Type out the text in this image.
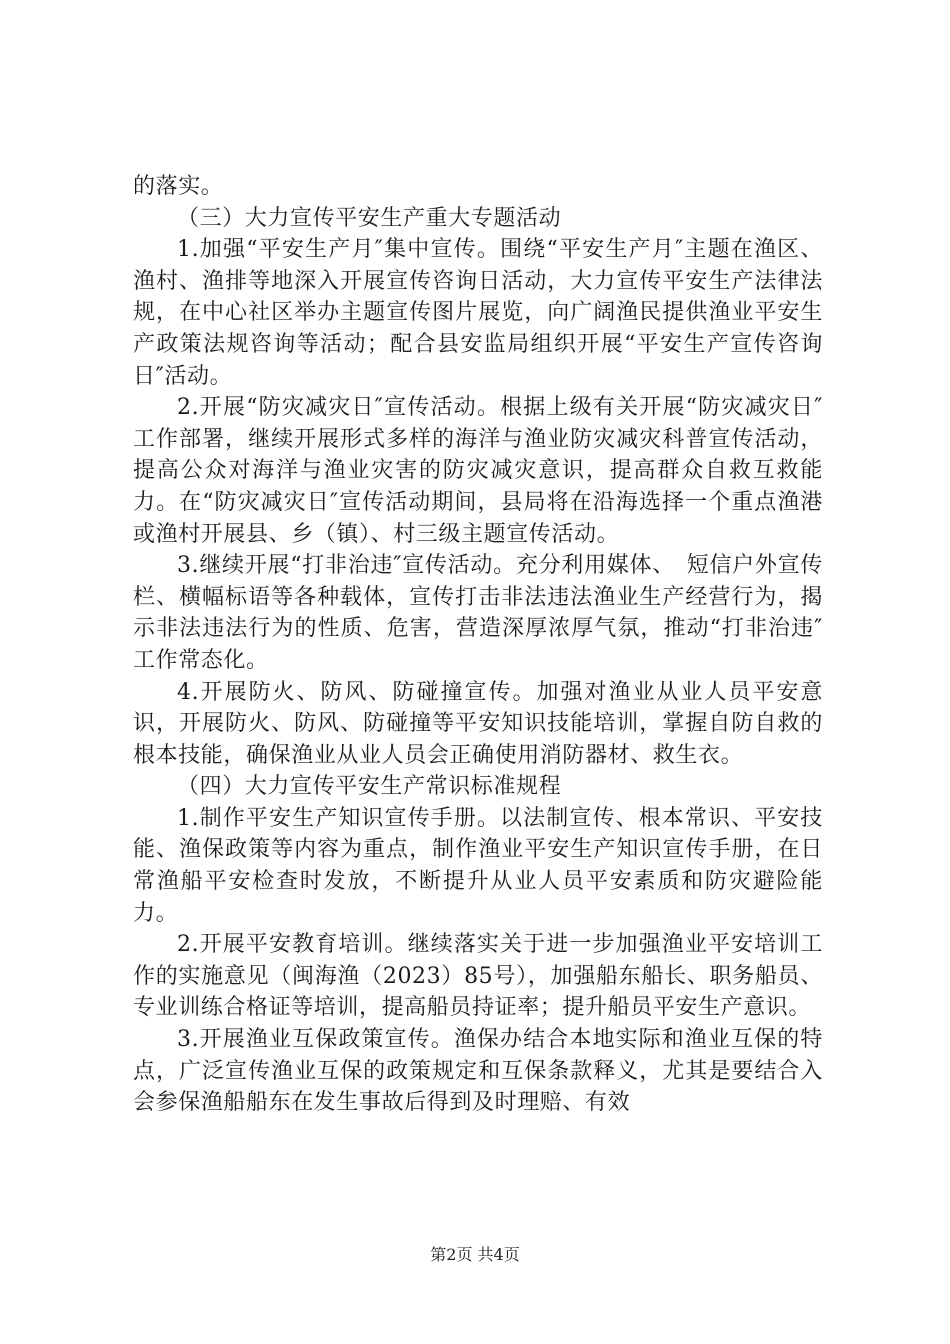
的落实。

（三）大力宣传平安生产重大专题活动

1.加强“平安生产月″集中宣传。围绕“平安生产月″主题在渔区、渔村、渔排等地深入开展宣传咨询日活动，大力宣传平安生产法律法规，在中心社区举办主题宣传图片展览，向广阔渔民提供渔业平安生产政策法规咨询等活动；配合县安监局组织开展“平安生产宣传咨询日″活动。

2.开展“防灾减灾日″宣传活动。根据上级有关开展“防灾减灾日″工作部署，继续开展形式多样的海洋与渔业防灾减灾科普宣传活动，提高公众对海洋与渔业灾害的防灾减灾意识，提高群众自救互救能力。在“防灾减灾日″宣传活动期间，县局将在沿海选择一个重点渔港或渔村开展县、乡（镇）、村三级主题宣传活动。

3.继续开展“打非治违″宣传活动。充分利用媒体、　短信户外宣传栏、横幅标语等各种载体，宣传打击非法违法渔业生产经营行为，揭示非法违法行为的性质、危害，营造深厚浓厚气氛，推动“打非治违″工作常态化。

4.开展防火、防风、防碰撞宣传。加强对渔业从业人员平安意识，开展防火、防风、防碰撞等平安知识技能培训，掌握自防自救的根本技能，确保渔业从业人员会正确使用消防器材、救生衣。

（四）大力宣传平安生产常识标准规程

1.制作平安生产知识宣传手册。以法制宣传、根本常识、平安技能、渔保政策等内容为重点，制作渔业平安生产知识宣传手册，在日常渔船平安检查时发放，不断提升从业人员平安素质和防灾避险能力。

2.开展平安教育培训。继续落实关于进一步加强渔业平安培训工作的实施意见（闽海渔（2023）85号），加强船东船长、职务船员、专业训练合格证等培训，提高船员持证率；提升船员平安生产意识。

3.开展渔业互保政策宣传。渔保办结合本地实际和渔业互保的特点，广泛宣传渔业互保的政策规定和互保条款释义，尤其是要结合入会参保渔船船东在发生事故后得到及时理赔、有效

第2页 共4页
